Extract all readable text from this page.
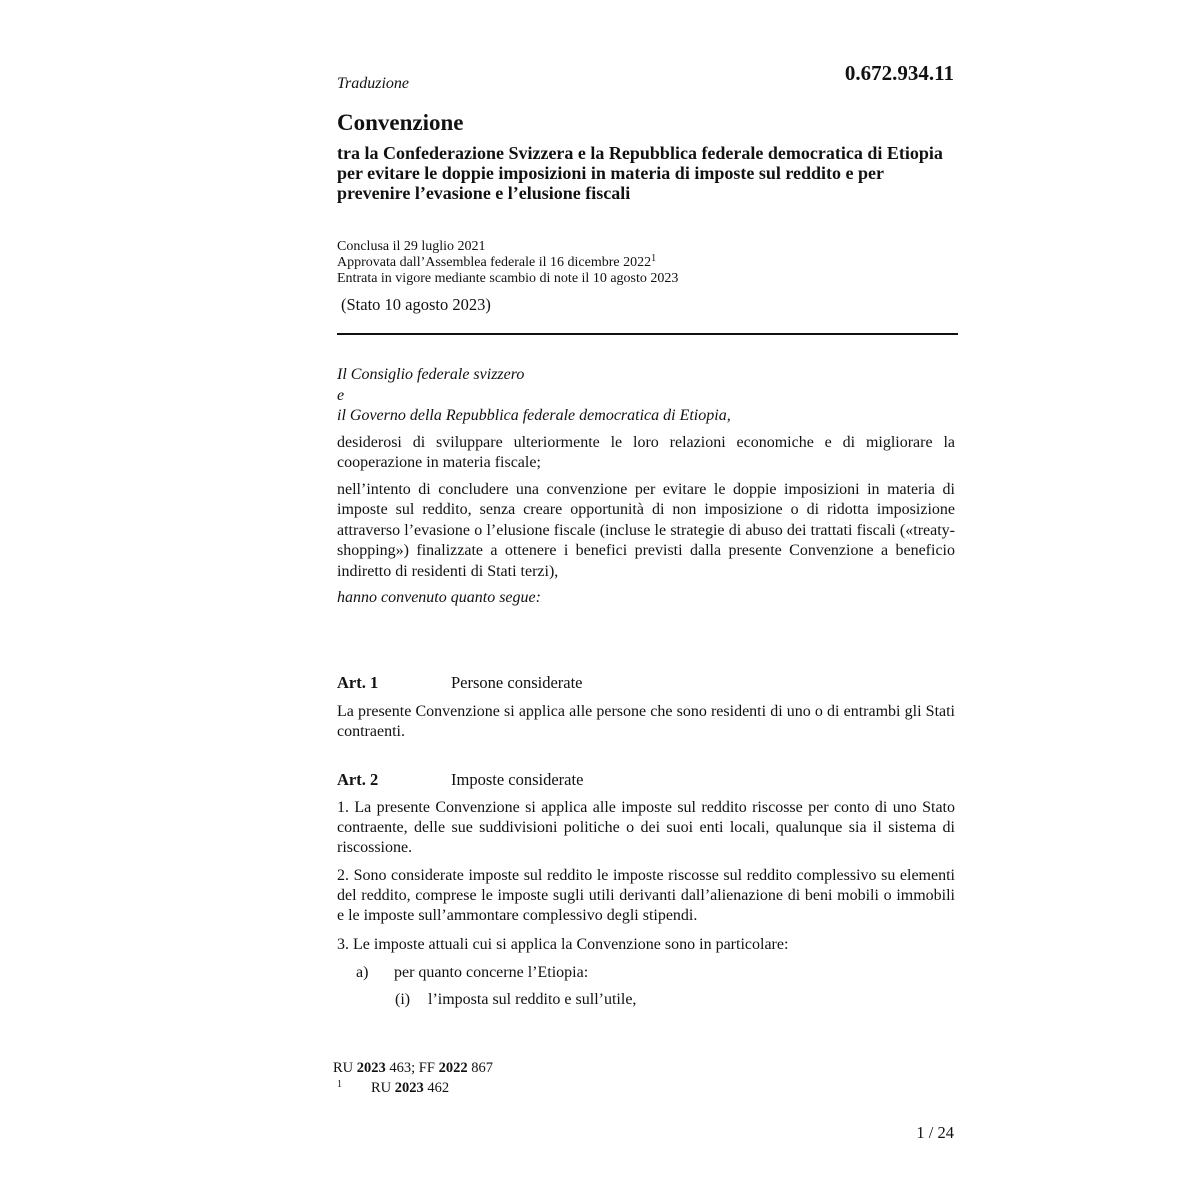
0.672.934.11
Traduzione
Convenzione
tra la Confederazione Svizzera e la Repubblica federale democratica di Etiopia per evitare le doppie imposizioni in materia di imposte sul reddito e per prevenire l’evasione e l’elusione fiscali
Conclusa il 29 luglio 2021
Approvata dall’Assemblea federale il 16 dicembre 2022$^1$
Entrata in vigore mediante scambio di note il 10 agosto 2023
(Stato 10 agosto 2023)
Il Consiglio federale svizzero
e
il Governo della Repubblica federale democratica di Etiopia,
desiderosi di sviluppare ulteriormente le loro relazioni economiche e di migliorare la cooperazione in materia fiscale;
nell’intento di concludere una convenzione per evitare le doppie imposizioni in materia di imposte sul reddito, senza creare opportunità di non imposizione o di ridotta imposizione attraverso l’evasione o l’elusione fiscale (incluse le strategie di abuso dei trattati fiscali («treaty-shopping») finalizzate a ottenere i benefici previsti dalla presente Convenzione a beneficio indiretto di residenti di Stati terzi),
hanno convenuto quanto segue:
Art. 1	Persone considerate
La presente Convenzione si applica alle persone che sono residenti di uno o di entrambi gli Stati contraenti.
Art. 2	Imposte considerate
1. La presente Convenzione si applica alle imposte sul reddito riscosse per conto di uno Stato contraente, delle sue suddivisioni politiche o dei suoi enti locali, qualunque sia il sistema di riscossione.
2. Sono considerate imposte sul reddito le imposte riscosse sul reddito complessivo su elementi del reddito, comprese le imposte sugli utili derivanti dall’alienazione di beni mobili o immobili e le imposte sull’ammontare complessivo degli stipendi.
3. Le imposte attuali cui si applica la Convenzione sono in particolare:
a) per quanto concerne l’Etiopia:
(i) l’imposta sul reddito e sull’utile,
RU 2023 463; FF 2022 867
1 RU 2023 462
1 / 24
